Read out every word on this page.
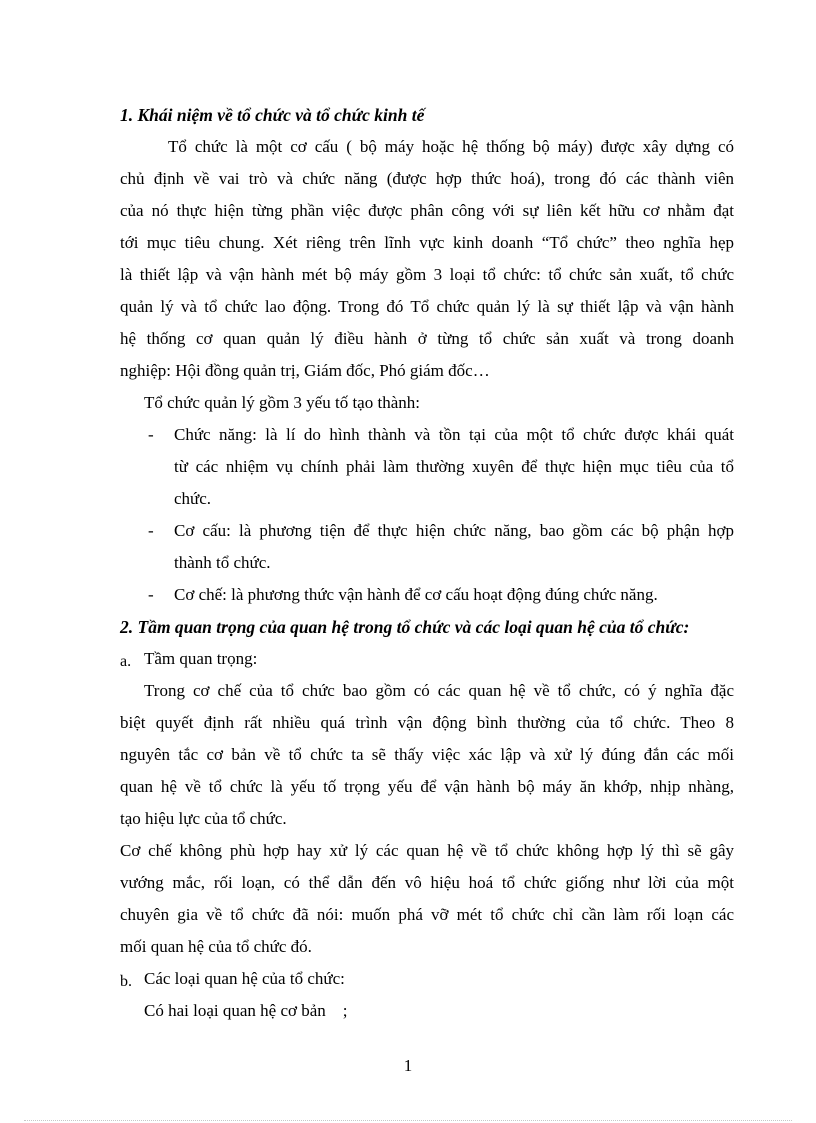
1. Khái niệm về tổ chức và tổ chức kinh tế

Tổ chức là một cơ cấu ( bộ máy hoặc hệ thống bộ máy) được xây dựng có

chủ định về vai trò và chức năng (được hợp thức hoá), trong đó các thành viên

của nó thực hiện từng phần việc được phân công với sự liên kết hữu cơ nhằm đạt

tới mục tiêu chung. Xét riêng trên lĩnh vực kinh doanh “Tổ chức” theo nghĩa hẹp

là thiết lập và vận hành mét bộ máy gồm 3 loại tổ chức: tổ chức sản xuất, tổ chức

quản lý và tổ chức lao động. Trong đó Tổ chức quản lý là sự thiết lập và vận hành

hệ thống cơ quan quản lý điều hành ở từng tổ chức sản xuất và trong doanh

nghiệp: Hội đồng quản trị, Giám đốc, Phó giám đốc…

Tổ chức quản lý gồm 3 yếu tố tạo thành:

- Chức năng: là lí do hình thành và tồn tại của một tổ chức được khái quát

từ các nhiệm vụ chính phải làm thường xuyên để thực hiện mục tiêu của tổ

chức.

- Cơ cấu: là phương tiện để thực hiện chức năng, bao gồm các bộ phận hợp

thành tổ chức.

- Cơ chế: là phương thức vận hành để cơ cấu hoạt động đúng chức năng.

2. Tầm quan trọng của quan hệ trong tổ chức và các loại quan hệ của tổ chức:

a. Tầm quan trọng:

Trong cơ chế của tổ chức bao gồm có các quan hệ về tổ chức, có ý nghĩa đặc

biệt quyết định rất nhiều quá trình vận động bình thường của tổ chức. Theo 8

nguyên tắc cơ bản về tổ chức ta sẽ thấy việc xác lập và xử lý đúng đắn các mối

quan hệ về tổ chức là yếu tố trọng yếu để vận hành bộ máy ăn khớp, nhịp nhàng,

tạo hiệu lực của tổ chức.

Cơ chế không phù hợp hay xử lý các quan hệ về tổ chức không hợp lý thì sẽ gây

vướng mắc, rối loạn, có thể dẫn đến vô hiệu hoá tổ chức giống như lời của một

chuyên gia về tổ chức đã nói: muốn phá vỡ mét tổ chức chỉ cần làm rối loạn các

mối quan hệ của tổ chức đó.

b. Các loại quan hệ của tổ chức:

Có hai loại quan hệ cơ bản    ;

1
